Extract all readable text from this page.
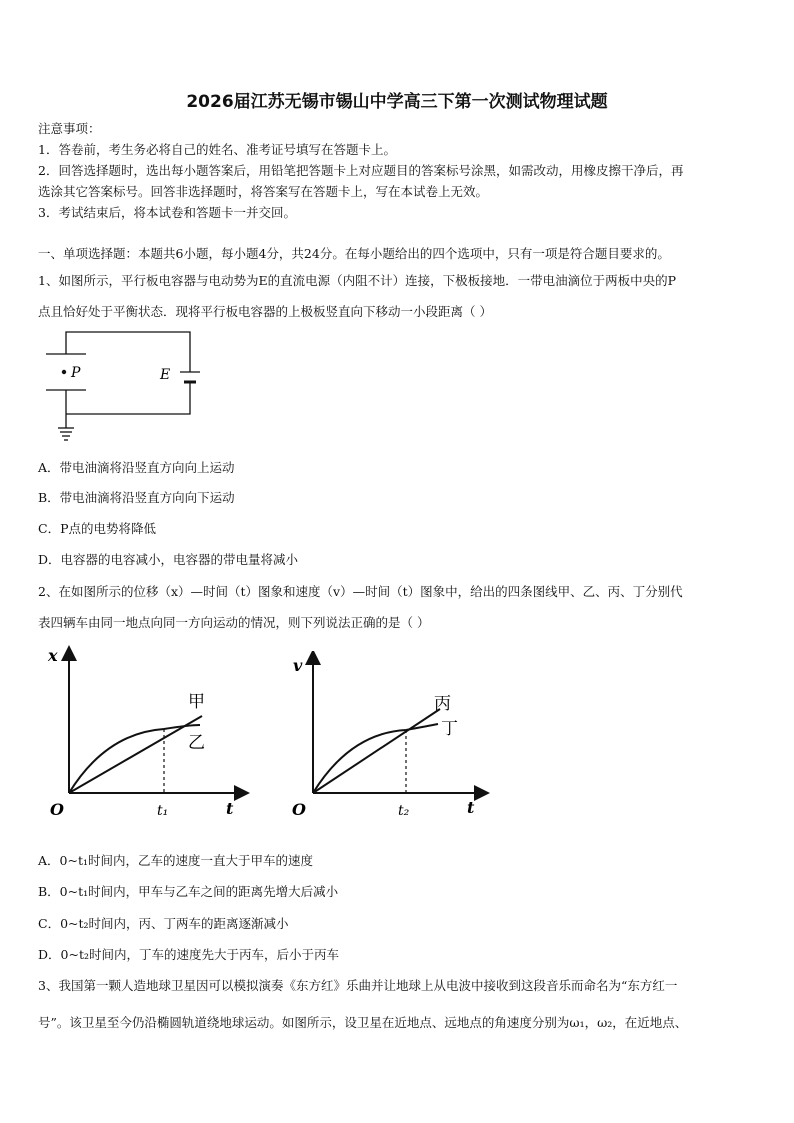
2026届江苏无锡市锡山中学高三下第一次测试物理试题
注意事项：
1．答卷前，考生务必将自己的姓名、准考证号填写在答题卡上。
2．回答选择题时，选出每小题答案后，用铅笔把答题卡上对应题目的答案标号涂黑，如需改动，用橡皮擦干净后，再
选涂其它答案标号。回答非选择题时，将答案写在答题卡上，写在本试卷上无效。
3．考试结束后，将本试卷和答题卡一并交回。
一、单项选择题：本题共6小题，每小题4分，共24分。在每小题给出的四个选项中，只有一项是符合题目要求的。
1、如图所示，平行板电容器与电动势为E的直流电源（内阻不计）连接，下极板接地．一带电油滴位于两板中央的P
点且恰好处于平衡状态．现将平行板电容器的上极板竖直向下移动一小段距离（ ）
P	E
A．带电油滴将沿竖直方向向上运动
B．带电油滴将沿竖直方向向下运动
C．P点的电势将降低
D．电容器的电容减小，电容器的带电量将减小
2、在如图所示的位移（x）—时间（t）图象和速度（v）—时间（t）图象中，给出的四条图线甲、乙、丙、丁分别代
表四辆车由同一地点向同一方向运动的情况，则下列说法正确的是（ ）
x
t
O	t₁
甲
乙
v
t
O	t₂
丙
丁
A．0~t₁时间内，乙车的速度一直大于甲车的速度
B．0~t₁时间内，甲车与乙车之间的距离先增大后减小
C．0~t₂时间内，丙、丁两车的距离逐渐减小
D．0~t₂时间内，丁车的速度先大于丙车，后小于丙车
3、我国第一颗人造地球卫星因可以模拟演奏《东方红》乐曲并让地球上从电波中接收到这段音乐而命名为“东方红一
号”。该卫星至今仍沿椭圆轨道绕地球运动。如图所示，设卫星在近地点、远地点的角速度分别为ω₁，ω₂，在近地点、
